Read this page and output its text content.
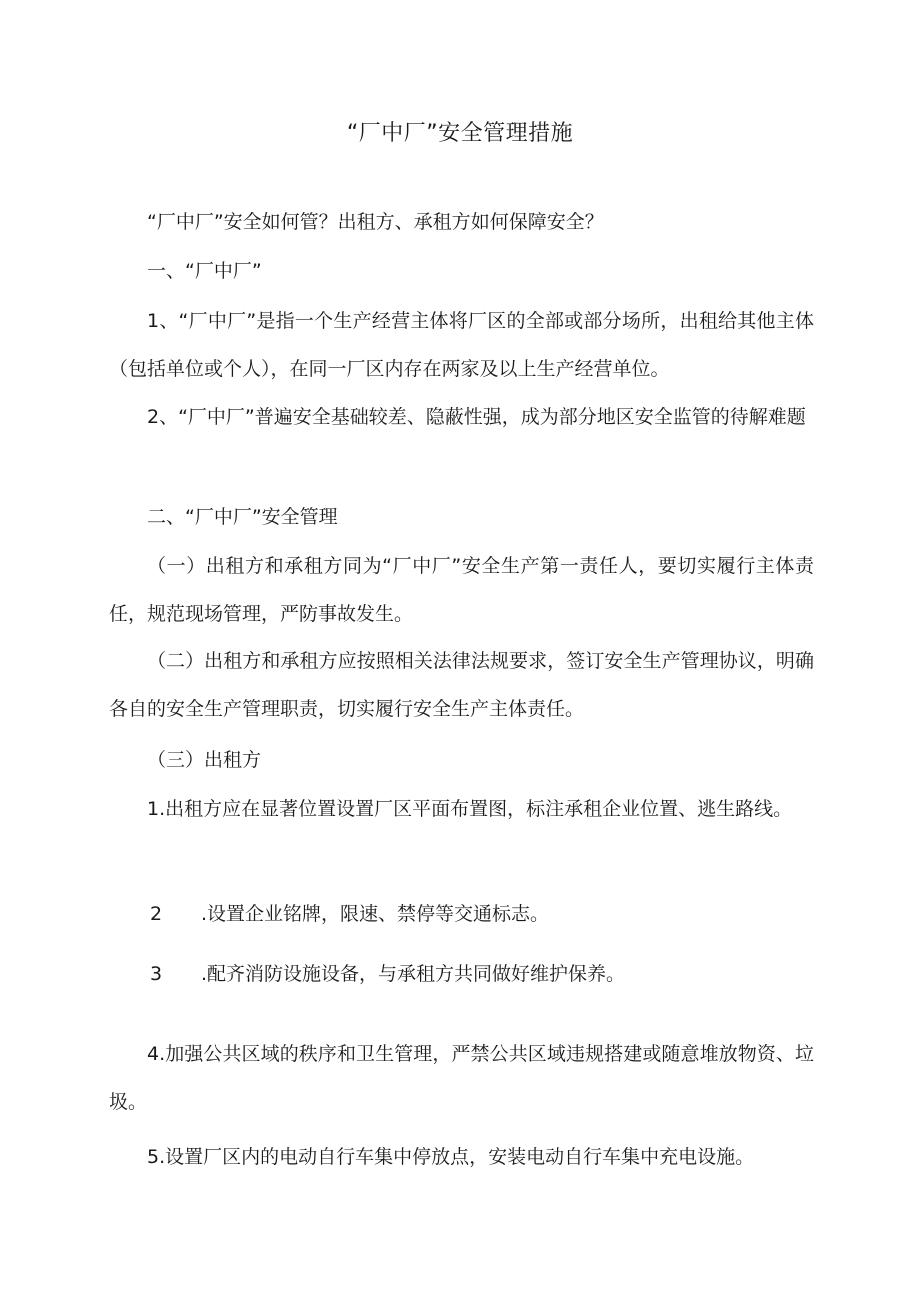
“厂中厂”安全管理措施
“厂中厂”安全如何管？出租方、承租方如何保障安全？
一、“厂中厂”
1、“厂中厂”是指一个生产经营主体将厂区的全部或部分场所，出租给其他主体（包括单位或个人），在同一厂区内存在两家及以上生产经营单位。
2、“厂中厂”普遍安全基础较差、隐蔽性强，成为部分地区安全监管的待解难题
二、“厂中厂”安全管理
（一）出租方和承租方同为“厂中厂”安全生产第一责任人，要切实履行主体责任，规范现场管理，严防事故发生。
（二）出租方和承租方应按照相关法律法规要求，签订安全生产管理协议，明确各自的安全生产管理职责，切实履行安全生产主体责任。
（三）出租方
1.出租方应在显著位置设置厂区平面布置图，标注承租企业位置、逃生路线。
2 .设置企业铭牌，限速、禁停等交通标志。
3 .配齐消防设施设备，与承租方共同做好维护保养。
4.加强公共区域的秩序和卫生管理，严禁公共区域违规搭建或随意堆放物资、垃圾。
5.设置厂区内的电动自行车集中停放点，安装电动自行车集中充电设施。
